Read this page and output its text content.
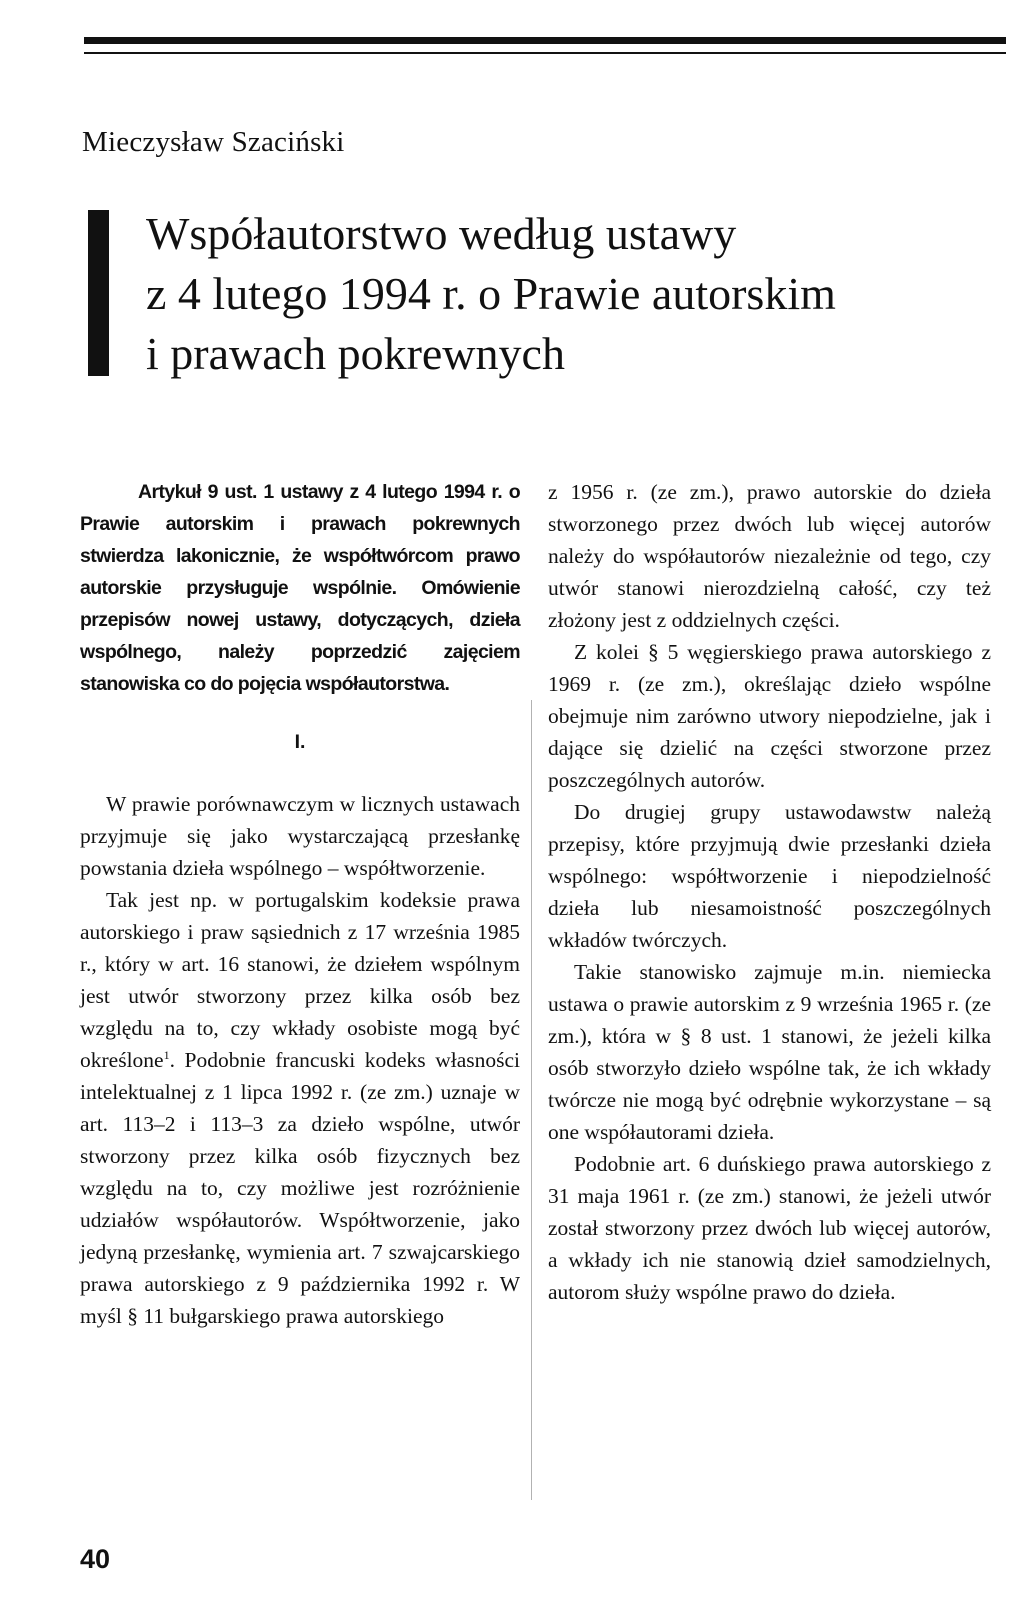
Mieczysław Szaciński
Współautorstwo według ustawy
z 4 lutego 1994 r. o Prawie autorskim
i prawach pokrewnych

Artykuł 9 ust. 1 ustawy z 4 lutego 1994 r. o Prawie autorskim i prawach pokrewnych stwierdza lakonicznie, że współtwórcom prawo autorskie przysługuje wspólnie. Omówienie przepisów nowej ustawy, dotyczących, dzieła wspólnego, należy poprzedzić zajęciem stanowiska co do pojęcia współautorstwa.

I.

W prawie porównawczym w licznych ustawach przyjmuje się jako wystarczającą przesłankę powstania dzieła wspólnego – współtworzenie.

Tak jest np. w portugalskim kodeksie prawa autorskiego i praw sąsiednich z 17 września 1985 r., który w art. 16 stanowi, że dziełem wspólnym jest utwór stworzony przez kilka osób bez względu na to, czy wkłady osobiste mogą być określone$^1$. Podobnie francuski kodeks własności intelektualnej z 1 lipca 1992 r. (ze zm.) uznaje w art. 113–2 i 113–3 za dzieło wspólne, utwór stworzony przez kilka osób fizycznych bez względu na to, czy możliwe jest rozróżnienie udziałów współautorów. Współtworzenie, jako jedyną przesłankę, wymienia art. 7 szwajcarskiego prawa autorskiego z 9 października 1992 r. W myśl § 11 bułgarskiego prawa autorskiego

z 1956 r. (ze zm.), prawo autorskie do dzieła stworzonego przez dwóch lub więcej autorów należy do współautorów niezależnie od tego, czy utwór stanowi nierozdzielną całość, czy też złożony jest z oddzielnych części.

Z kolei § 5 węgierskiego prawa autorskiego z 1969 r. (ze zm.), określając dzieło wspólne obejmuje nim zarówno utwory niepodzielne, jak i dające się dzielić na części stworzone przez poszczególnych autorów.

Do drugiej grupy ustawodawstw należą przepisy, które przyjmują dwie przesłanki dzieła wspólnego: współtworzenie i niepodzielność dzieła lub niesamoistność poszczególnych wkładów twórczych.

Takie stanowisko zajmuje m.in. niemiecka ustawa o prawie autorskim z 9 września 1965 r. (ze zm.), która w § 8 ust. 1 stanowi, że jeżeli kilka osób stworzyło dzieło wspólne tak, że ich wkłady twórcze nie mogą być odrębnie wykorzystane – są one współautorami dzieła.

Podobnie art. 6 duńskiego prawa autorskiego z 31 maja 1961 r. (ze zm.) stanowi, że jeżeli utwór został stworzony przez dwóch lub więcej autorów, a wkłady ich nie stanowią dzieł samodzielnych, autorom służy wspólne prawo do dzieła.

40
